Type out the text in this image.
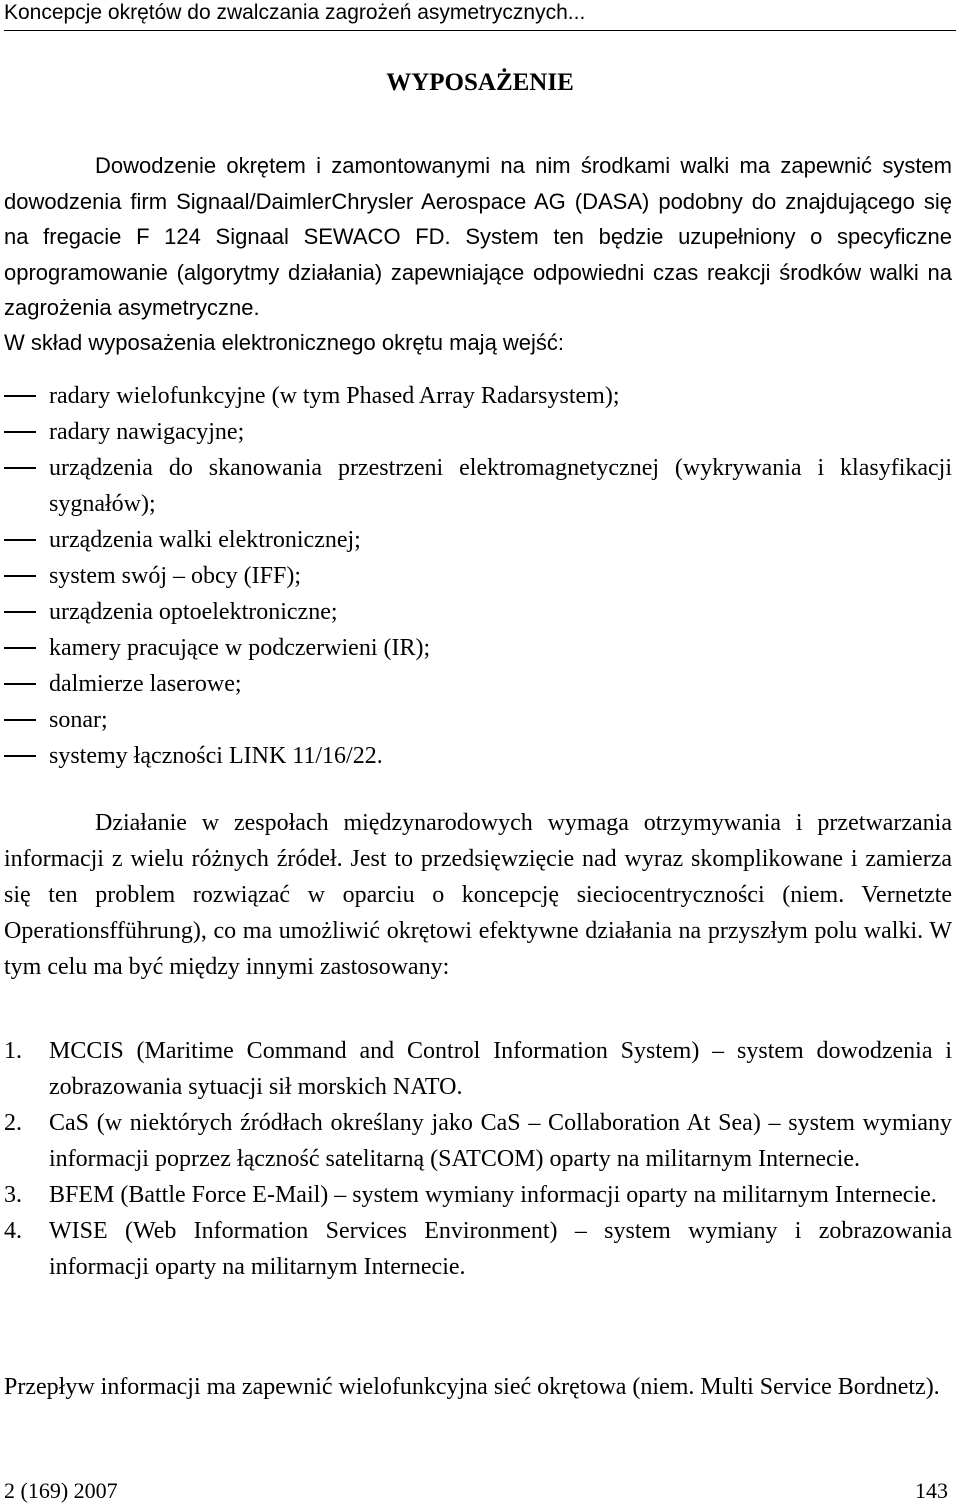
Koncepcje okrętów do zwalczania zagrożeń asymetrycznych...
WYPOSAŻENIE

Dowodzenie okrętem i zamontowanymi na nim środkami walki ma zapewnić system dowodzenia firm Signaal/DaimlerChrysler Aerospace AG (DASA) podobny do znajdującego się na fregacie F 124 Signaal SEWACO FD. System ten będzie uzupełniony o specyficzne oprogramowanie (algorytmy działania) zapewniające odpowiedni czas reakcji środków walki na zagrożenia asymetryczne.

W skład wyposażenia elektronicznego okrętu mają wejść:

radary wielofunkcyjne (w tym Phased Array Radarsystem);
radary nawigacyjne;
urządzenia do skanowania przestrzeni elektromagnetycznej (wykrywania i klasyfikacji sygnałów);
urządzenia walki elektronicznej;
system swój – obcy (IFF);
urządzenia optoelektroniczne;
kamery pracujące w podczerwieni (IR);
dalmierze laserowe;
sonar;
systemy łączności LINK 11/16/22.

Działanie w zespołach międzynarodowych wymaga otrzymywania i przetwarzania informacji z wielu różnych źródeł. Jest to przedsięwzięcie nad wyraz skomplikowane i zamierza się ten problem rozwiązać w oparciu o koncepcję sieciocentryczności (niem. Vernetzte Operationsfführung), co ma umożliwić okrętowi efektywne działania na przyszłym polu walki. W tym celu ma być między innymi zastosowany:

1. MCCIS (Maritime Command and Control Information System) – system dowodzenia i zobrazowania sytuacji sił morskich NATO.
2. CaS (w niektórych źródłach określany jako CaS – Collaboration At Sea) – system wymiany informacji poprzez łączność satelitarną (SATCOM) oparty na militarnym Internecie.
3. BFEM (Battle Force E-Mail) – system wymiany informacji oparty na militarnym Internecie.
4. WISE (Web Information Services Environment) – system wymiany i zobrazowania informacji oparty na militarnym Internecie.

Przepływ informacji ma zapewnić wielofunkcyjna sieć okrętowa (niem. Multi Service Bordnetz).

2 (169) 2007	143
